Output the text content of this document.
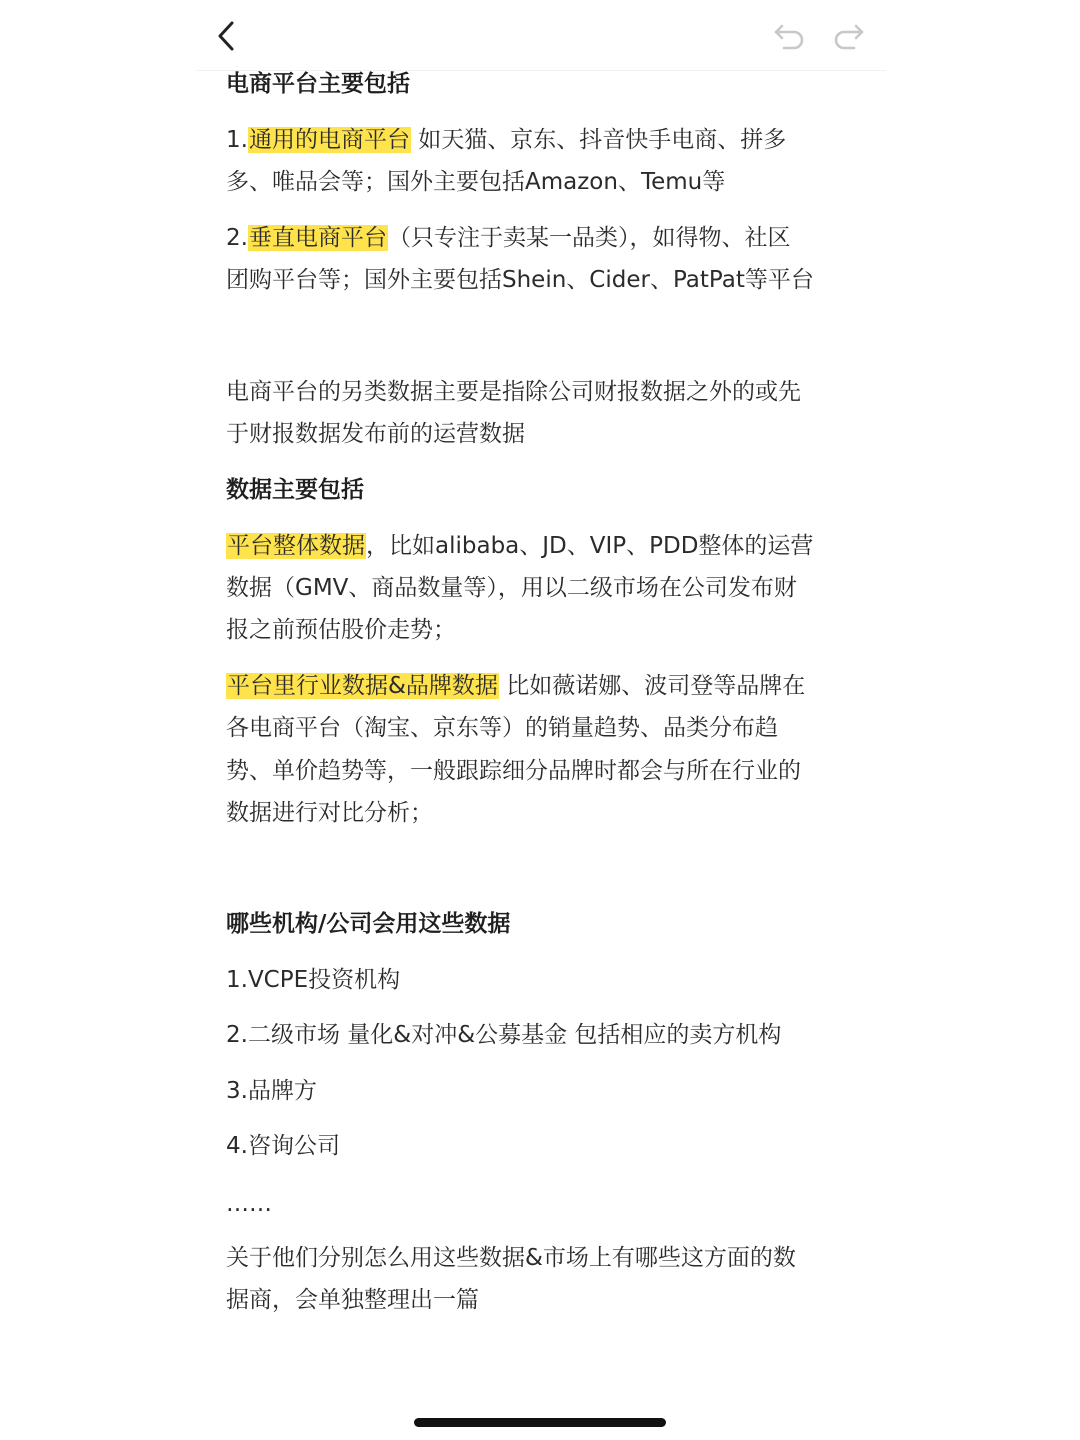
电商平台主要包括
1.通用的电商平台 如天猫、京东、抖音快手电商、拼多
多、唯品会等；国外主要包括Amazon、Temu等
2.垂直电商平台（只专注于卖某一品类），如得物、社区
团购平台等；国外主要包括Shein、Cider、PatPat等平台
电商平台的另类数据主要是指除公司财报数据之外的或先
于财报数据发布前的运营数据
数据主要包括
平台整体数据，比如alibaba、JD、VIP、PDD整体的运营
数据（GMV、商品数量等），用以二级市场在公司发布财
报之前预估股价走势；
平台里行业数据&品牌数据 比如薇诺娜、波司登等品牌在
各电商平台（淘宝、京东等）的销量趋势、品类分布趋
势、单价趋势等，一般跟踪细分品牌时都会与所在行业的
数据进行对比分析；
哪些机构/公司会用这些数据
1.VCPE投资机构
2.二级市场 量化&对冲&公募基金 包括相应的卖方机构
3.品牌方
4.咨询公司
……
关于他们分别怎么用这些数据&市场上有哪些这方面的数
据商，会单独整理出一篇
